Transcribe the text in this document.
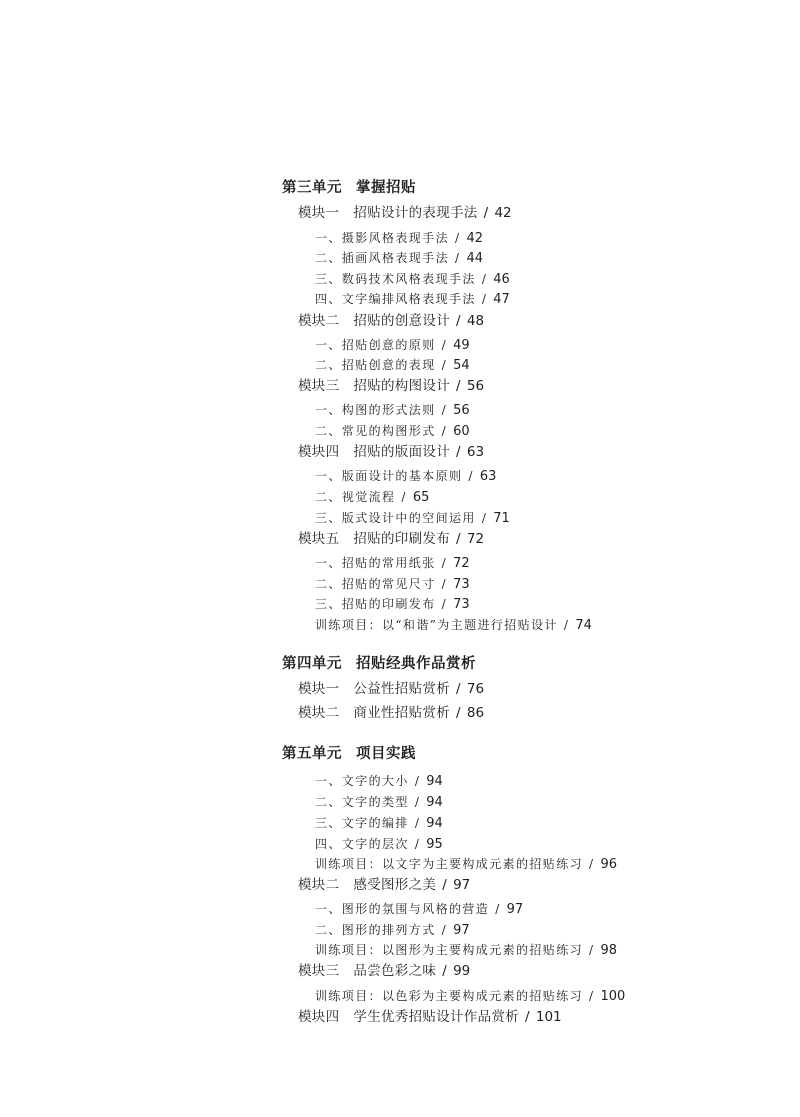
第三单元 掌握招贴
模块一 招贴设计的表现手法 / 42
一、摄影风格表现手法 / 42
二、插画风格表现手法 / 44
三、数码技术风格表现手法 / 46
四、文字编排风格表现手法 / 47
模块二 招贴的创意设计 / 48
一、招贴创意的原则 / 49
二、招贴创意的表现 / 54
模块三 招贴的构图设计 / 56
一、构图的形式法则 / 56
二、常见的构图形式 / 60
模块四 招贴的版面设计 / 63
一、版面设计的基本原则 / 63
二、视觉流程 / 65
三、版式设计中的空间运用 / 71
模块五 招贴的印刷发布 / 72
一、招贴的常用纸张 / 72
二、招贴的常见尺寸 / 73
三、招贴的印刷发布 / 73
训练项目：以“和谐”为主题进行招贴设计 / 74
第四单元 招贴经典作品赏析
模块一 公益性招贴赏析 / 76
模块二 商业性招贴赏析 / 86
第五单元 项目实践
一、文字的大小 / 94
二、文字的类型 / 94
三、文字的编排 / 94
四、文字的层次 / 95
训练项目：以文字为主要构成元素的招贴练习 / 96
模块二 感受图形之美 / 97
一、图形的氛围与风格的营造 / 97
二、图形的排列方式 / 97
训练项目：以图形为主要构成元素的招贴练习 / 98
模块三 品尝色彩之味 / 99
训练项目：以色彩为主要构成元素的招贴练习 / 100
模块四 学生优秀招贴设计作品赏析 / 101
